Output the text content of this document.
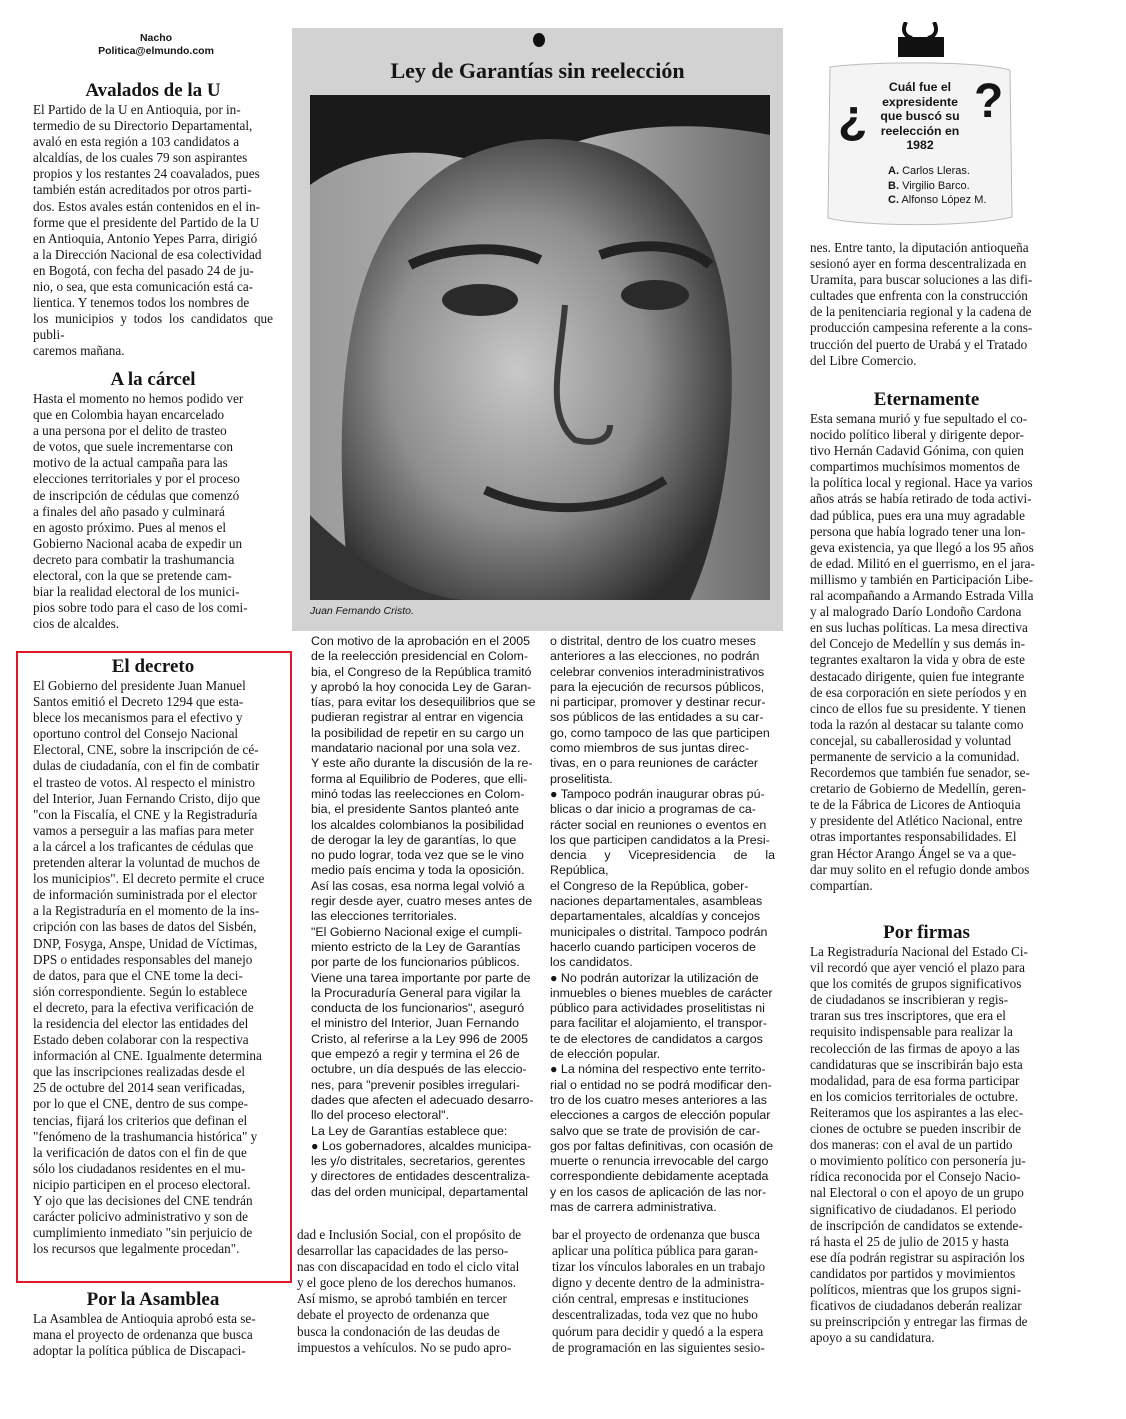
Nacho
Politica@elmundo.com
Avalados de la U

El Partido de la U en Antioquia, por in-
termedio de su Directorio Departamental,
avaló en esta región a 103 candidatos a
alcaldías, de los cuales 79 son aspirantes
propios y los restantes 24 coavalados, pues
también están acreditados por otros parti-
dos. Estos avales están contenidos en el in-
forme que el presidente del Partido de la U
en Antioquia, Antonio Yepes Parra, dirigió
a la Dirección Nacional de esa colectividad
en Bogotá, con fecha del pasado 24 de ju-
nio, o sea, que esta comunicación está ca-
lientica. Y tenemos todos los nombres de
los municipios y todos los candidatos que publi-
caremos mañana.

A la cárcel

Hasta el momento no hemos podido ver
que en Colombia hayan encarcelado
a una persona por el delito de trasteo
de votos, que suele incrementarse con
motivo de la actual campaña para las
elecciones territoriales y por el proceso
de inscripción de cédulas que comenzó
a finales del año pasado y culminará
en agosto próximo. Pues al menos el
Gobierno Nacional acaba de expedir un
decreto para combatir la trashumancia
electoral, con la que se pretende cam-
biar la realidad electoral de los munici-
pios sobre todo para el caso de los comi-
cios de alcaldes.

El decreto

El Gobierno del presidente Juan Manuel
Santos emitió el Decreto 1294 que esta-
blece los mecanismos para el efectivo y
oportuno control del Consejo Nacional
Electoral, CNE, sobre la inscripción de cé-
dulas de ciudadanía, con el fin de combatir
el trasteo de votos. Al respecto el ministro
del Interior, Juan Fernando Cristo, dijo que
"con la Fiscalía, el CNE y la Registraduría
vamos a perseguir a las mafias para meter
a la cárcel a los traficantes de cédulas que
pretenden alterar la voluntad de muchos de
los municipios". El decreto permite el cruce
de información suministrada por el elector
a la Registraduría en el momento de la ins-
cripción con las bases de datos del Sisbén,
DNP, Fosyga, Anspe, Unidad de Víctimas,
DPS o entidades responsables del manejo
de datos, para que el CNE tome la deci-
sión correspondiente. Según lo establece
el decreto, para la efectiva verificación de
la residencia del elector las entidades del
Estado deben colaborar con la respectiva
información al CNE. Igualmente determina
que las inscripciones realizadas desde el
25 de octubre del 2014 sean verificadas,
por lo que el CNE, dentro de sus compe-
tencias, fijará los criterios que definan el
"fenómeno de la trashumancia histórica" y
la verificación de datos con el fin de que
sólo los ciudadanos residentes en el mu-
nicipio participen en el proceso electoral.
Y ojo que las decisiones del CNE tendrán
carácter policivo administrativo y son de
cumplimiento inmediato "sin perjuicio de
los recursos que legalmente procedan".

Por la Asamblea

La Asamblea de Antioquia aprobó esta se-
mana el proyecto de ordenanza que busca
adoptar la política pública de Discapaci-

Ley de Garantías sin reelección
Juan Fernando Cristo.

Con motivo de la aprobación en el 2005
de la reelección presidencial en Colom-
bia, el Congreso de la República tramitó
y aprobó la hoy conocida Ley de Garan-
tías, para evitar los desequilibrios que se
pudieran registrar al entrar en vigencia
la posibilidad de repetir en su cargo un
mandatario nacional por una sola vez.
Y este año durante la discusión de la re-
forma al Equilibrio de Poderes, que elli-
minó todas las reelecciones en Colom-
bia, el presidente Santos planteó ante
los alcaldes colombianos la posibilidad
de derogar la ley de garantías, lo que
no pudo lograr, toda vez que se le vino
medio país encima y toda la oposición.
Así las cosas, esa norma legal volvió a
regir desde ayer, cuatro meses antes de
las elecciones territoriales.
"El Gobierno Nacional exige el cumpli-
miento estricto de la Ley de Garantías
por parte de los funcionarios públicos.
Viene una tarea importante por parte de
la Procuraduría General para vigilar la
conducta de los funcionarios", aseguró
el ministro del Interior, Juan Fernando
Cristo, al referirse a la Ley 996 de 2005
que empezó a regir y termina el 26 de
octubre, un día después de las eleccio-
nes, para "prevenir posibles irregulari-
dades que afecten el adecuado desarro-
llo del proceso electoral".
La Ley de Garantías establece que:
● Los gobernadores, alcaldes municipa-
les y/o distritales, secretarios, gerentes
y directores de entidades descentraliza-
das del orden municipal, departamental

o distrital, dentro de los cuatro meses
anteriores a las elecciones, no podrán
celebrar convenios interadministrativos
para la ejecución de recursos públicos,
ni participar, promover y destinar recur-
sos públicos de las entidades a su car-
go, como tampoco de las que participen
como miembros de sus juntas direc-
tivas, en o para reuniones de carácter
proselitista.
● Tampoco podrán inaugurar obras pú-
blicas o dar inicio a programas de ca-
rácter social en reuniones o eventos en
los que participen candidatos a la Presi-
dencia y Vicepresidencia de la República,
el Congreso de la República, gober-
naciones departamentales, asambleas
departamentales, alcaldías y concejos
municipales o distrital. Tampoco podrán
hacerlo cuando participen voceros de
los candidatos.
● No podrán autorizar la utilización de
inmuebles o bienes muebles de carácter
público para actividades proselitistas ni
para facilitar el alojamiento, el transpor-
te de electores de candidatos a cargos
de elección popular.
● La nómina del respectivo ente territo-
rial o entidad no se podrá modificar den-
tro de los cuatro meses anteriores a las
elecciones a cargos de elección popular
salvo que se trate de provisión de car-
gos por faltas definitivas, con ocasión de
muerte o renuncia irrevocable del cargo
correspondiente debidamente aceptada
y en los casos de aplicación de las nor-
mas de carrera administrativa.

dad e Inclusión Social, con el propósito de
desarrollar las capacidades de las perso-
nas con discapacidad en todo el ciclo vital
y el goce pleno de los derechos humanos.
Así mismo, se aprobó también en tercer
debate el proyecto de ordenanza que
busca la condonación de las deudas de
impuestos a vehículos. No se pudo apro-

bar el proyecto de ordenanza que busca
aplicar una política pública para garan-
tizar los vínculos laborales en un trabajo
digno y decente dentro de la administra-
ción central, empresas e instituciones
descentralizadas, toda vez que no hubo
quórum para decidir y quedó a la espera
de programación en las siguientes sesio-

¿ ?
Cuál fue el expresidente que buscó su reelección en 1982
A. Carlos Lleras.
B. Virgilio Barco.
C. Alfonso López M.

nes. Entre tanto, la diputación antioqueña
sesionó ayer en forma descentralizada en
Uramita, para buscar soluciones a las difi-
cultades que enfrenta con la construcción
de la penitenciaria regional y la cadena de
producción campesina referente a la cons-
trucción del puerto de Urabá y el Tratado
del Libre Comercio.

Eternamente

Esta semana murió y fue sepultado el co-
nocido político liberal y dirigente depor-
tivo Hernán Cadavid Gónima, con quien
compartimos muchísimos momentos de
la política local y regional. Hace ya varios
años atrás se había retirado de toda activi-
dad pública, pues era una muy agradable
persona que había logrado tener una lon-
geva existencia, ya que llegó a los 95 años
de edad. Militó en el guerrismo, en el jara-
millismo y también en Participación Libe-
ral acompañando a Armando Estrada Villa
y al malogrado Darío Londoño Cardona
en sus luchas políticas. La mesa directiva
del Concejo de Medellín y sus demás in-
tegrantes exaltaron la vida y obra de este
destacado dirigente, quien fue integrante
de esa corporación en siete períodos y en
cinco de ellos fue su presidente. Y tienen
toda la razón al destacar su talante como
concejal, su caballerosidad y voluntad
permanente de servicio a la comunidad.
Recordemos que también fue senador, se-
cretario de Gobierno de Medellín, geren-
te de la Fábrica de Licores de Antioquia
y presidente del Atlético Nacional, entre
otras importantes responsabilidades. El
gran Héctor Arango Ángel se va a que-
dar muy solito en el refugio donde ambos
compartían.

Por firmas

La Registraduría Nacional del Estado Ci-
vil recordó que ayer venció el plazo para
que los comités de grupos significativos
de ciudadanos se inscribieran y regis-
traran sus tres inscriptores, que era el
requisito indispensable para realizar la
recolección de las firmas de apoyo a las
candidaturas que se inscribirán bajo esta
modalidad, para de esa forma participar
en los comicios territoriales de octubre.
Reiteramos que los aspirantes a las elec-
ciones de octubre se pueden inscribir de
dos maneras: con el aval de un partido
o movimiento político con personería ju-
rídica reconocida por el Consejo Nacio-
nal Electoral o con el apoyo de un grupo
significativo de ciudadanos. El periodo
de inscripción de candidatos se extende-
rá hasta el 25 de julio de 2015 y hasta
ese día podrán registrar su aspiración los
candidatos por partidos y movimientos
políticos, mientras que los grupos signi-
ficativos de ciudadanos deberán realizar
su preinscripción y entregar las firmas de
apoyo a su candidatura.
